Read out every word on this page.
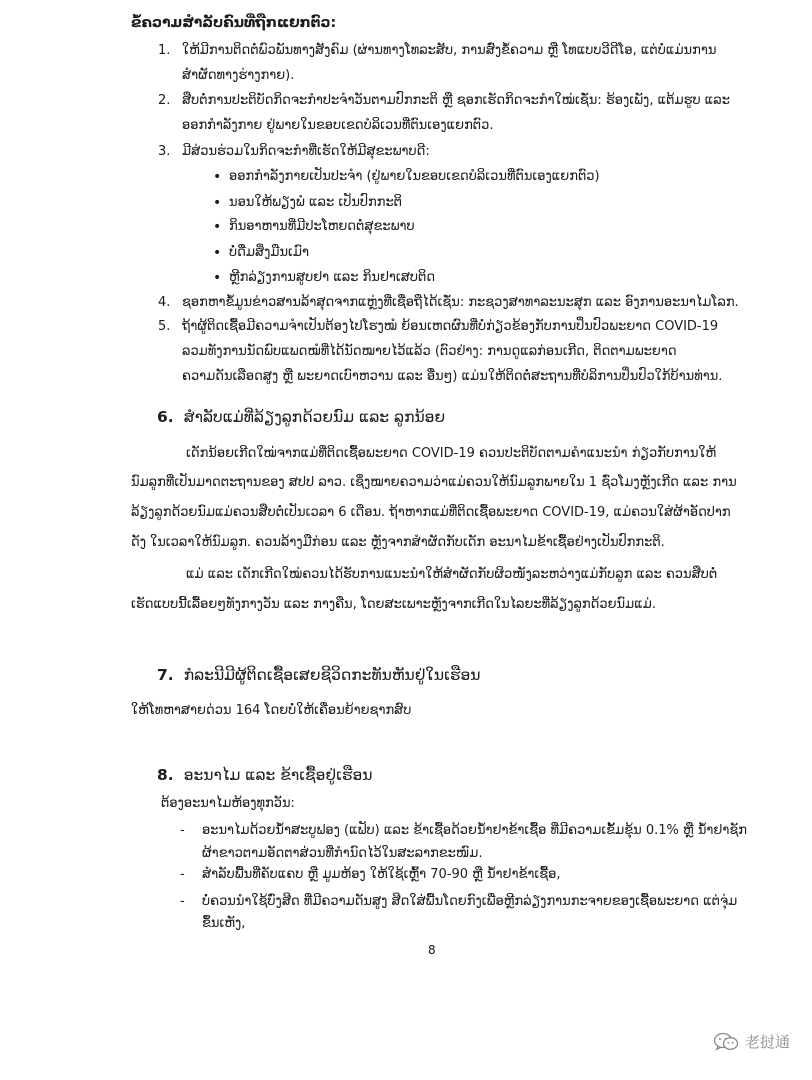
ຂໍ້ຄວາມສໍາລັບຄົນທີ່ຖືກແຍກຕົວ:
1. ໃຫ້ມີການຕິດຕໍ່ພົວພັນທາງສັງຄົມ (ຜ່ານທາງໂທລະສັບ, ການສົ່ງຂໍ້ຄວາມ ຫຼື ໂທແບບວີດີໂອ, ແຕ່ບໍ່ແມ່ນການ
ສໍາຜັດທາງຮ່າງກາຍ).
2. ສືບຕໍ່ການປະຕິບັດກິດຈະກໍາປະຈໍາວັນຕາມປົກກະຕິ ຫຼື ຊອກເຮັດກິດຈະກໍາໃໝ່ເຊັ່ນ: ຮ້ອງເພັງ, ແຕ້ມຮູບ ແລະ
ອອກກໍາລັງກາຍ ຢູ່ພາຍໃນຂອບເຂດບໍລິເວນທີ່ຕົນເອງແຍກຕົວ.
3. ມີສ່ວນຮ່ວມໃນກິດຈະກໍາທີ່ເຮັດໃຫ້ມີສຸຂະພາບດີ:
• ອອກກໍາລັງກາຍເປັນປະຈໍາ (ຢູ່ພາຍໃນຂອບເຂດບໍລິເວນທີ່ຕົນເອງແຍກຕົວ)
• ນອນໃຫ້ພຽງພໍ ແລະ ເປັນປົກກະຕິ
• ກິນອາຫານທີ່ມີປະໂຫຍດຕໍ່ສຸຂະພາບ
• ບໍ່ດື່ມສິ່ງມືນເມົາ
• ຫຼີກລ່ຽງການສູບຢາ ແລະ ກິນຢາເສບຕິດ
4. ຊອກຫາຂໍ້ມູນຂ່າວສານລ້າສຸດຈາກແຫຼ່ງທີ່ເຊື່ອຖືໄດ້ເຊັ່ນ: ກະຊວງສາທາລະນະສຸກ ແລະ ອົງການອະນາໄມໂລກ.
5. ຖ້າຜູ້ຕິດເຊື້ອມີຄວາມຈໍາເປັນຕ້ອງໄປໂຮງໝໍ ຍ້ອນເຫດຜົນທີ່ບໍ່ກ່ຽວຂ້ອງກັບການປິ່ນປົວພະຍາດ COVID-19
ລວມທັງການນັດພົບແພດໝໍທີ່ໄດ້ນັດໝາຍໄວ້ແລ້ວ (ຕົວຢ່າງ: ການດູແລກ່ອນເກີດ, ຕິດຕາມພະຍາດ
ຄວາມດັນເລືອດສູງ ຫຼື ພະຍາດເບົາຫວານ ແລະ ອື່ນໆ) ແມ່ນໃຫ້ຕິດຕໍ່ສະຖານທີ່ບໍລິການປິ່ນປົວໃກ້ບ້ານທ່ານ.
6. ສໍາລັບແມ່ທີ່ລ້ຽງລູກດ້ວຍນົມ ແລະ ລູກນ້ອຍ
ເດັກນ້ອຍເກີດໃໝ່ຈາກແມ່ທີ່ຕິດເຊື້ອພະຍາດ COVID-19 ຄວນປະຕິບັດຕາມຄໍາແນະນໍາ ກ່ຽວກັບການໃຫ້
ນົມລູກທີ່ເປັນມາດຕະຖານຂອງ ສປປ ລາວ. ເຊິ່ງໝາຍຄວາມວ່າແມ່ຄວນໃຫ້ນົມລູກພາຍໃນ 1 ຊົ່ວໂມງຫຼັງເກີດ ແລະ ການ
ລ້ຽງລູກດ້ວຍນົມແມ່ຄວນສືບຕໍ່ເປັນເວລາ 6 ເດືອນ. ຖ້າຫາກແມ່ທີ່ຕິດເຊື້ອພະຍາດ COVID-19, ແມ່ຄວນໃສ່ຜ້າອັດປາກ
ດັງ ໃນເວລາໃຫ້ນົມລູກ. ຄວນລ້າງມືກ່ອນ ແລະ ຫຼັງຈາກສໍາຜັດກັບເດັກ ອະນາໄມຂ້າເຊື້ອຢ່າງເປັນປົກກະຕິ.
ແມ່ ແລະ ເດັກເກີດໃໝ່ຄວນໄດ້ຮັບການແນະນໍາໃຫ້ສໍາຜັດກັບຜິວໜັງລະຫວ່າງແມ່ກັບລູກ ແລະ ຄວນສືບຕໍ່
ເຮັດແບບນີ້ເລື້ອຍໆທັງກາງວັນ ແລະ ກາງຄືນ, ໂດຍສະເພາະຫຼັງຈາກເກີດໃນໄລຍະທີ່ລ້ຽງລູກດ້ວຍນົມແມ່.
7. ກໍລະນີມີຜູ້ຕິດເຊື້ອເສຍຊີວິດກະທັນຫັນຢູ່ໃນເຮືອນ
ໃຫ້ໂທຫາສາຍດ່ວນ 164 ໂດຍບໍ່ໃຫ້ເຄື່ອນຍ້າຍຊາກສົບ
8. ອະນາໄມ ແລະ ຂ້າເຊື້ອຢູ່ເຮືອນ
ຕ້ອງອະນາໄມຫ້ອງທຸກວັນ:
- ອະນາໄມດ້ວຍນໍ້າສະບູຟອງ (ແຟັບ) ແລະ ຂ້າເຊື້ອດ້ວຍນໍ້າຢາຂ້າເຊື້ອ ທີ່ມີຄວາມເຂັ້ມຂຸ້ນ 0.1% ຫຼື ນໍ້າຢາຊັກ
ຜ້າຂາວຕາມອັດຕາສ່ວນທີ່ກໍານົດໄວ້ໃນສະລາກຂະໜົມ.
- ສໍາລັບພື້ນທີ່ຄັບແຄບ ຫຼື ມູມຫ້ອງ ໃຫ້ໃຊ້ເຫຼົ້າ 70-90 ຫຼື ນໍ້າຢາຂ້າເຊື້ອ,
- ບໍ່ຄວນນໍາໃຊ້ບົ່ງສີດ ທີ່ມີຄວາມດັນສູງ ສີດໃສ່ພື້ນໂດຍກົງເພື່ອຫຼີກລ່ຽງການກະຈາຍຂອງເຊື້ອພະຍາດ ແຕ່ຈຸ່ມ
ຂຶ້ນເຫັງ,
8
老挝通
